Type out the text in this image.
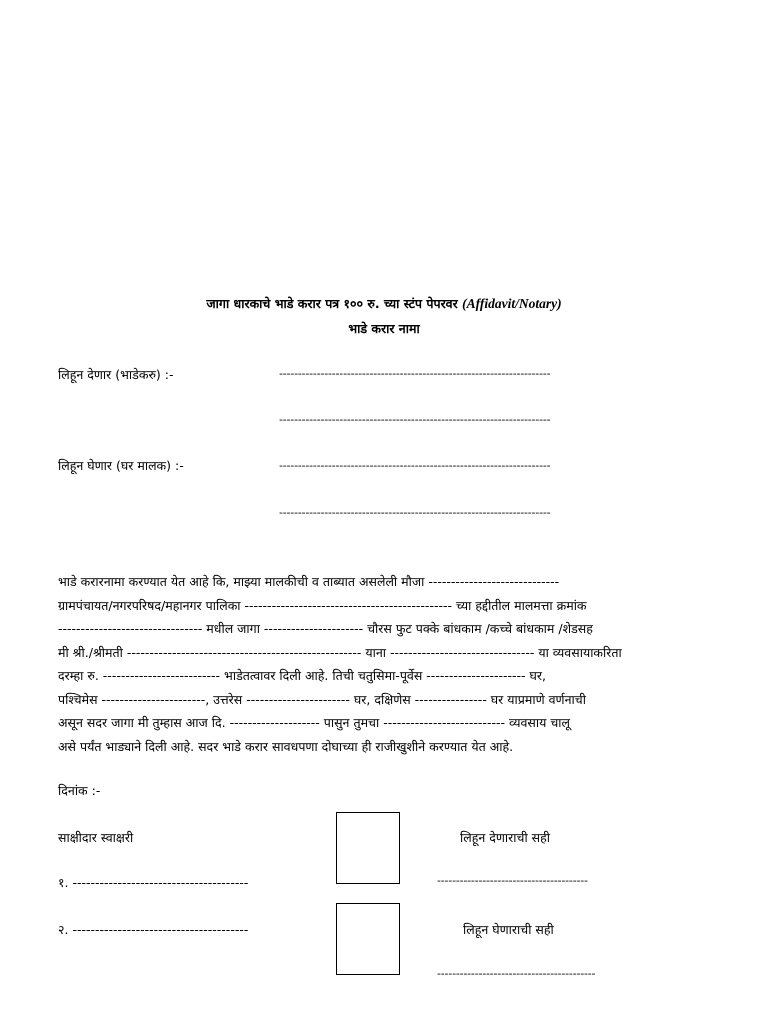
जागा धारकाचे भाडे करार पत्र १०० रु. च्या स्टंप पेपरवर (Affidavit/Notary)
भाडे करार नामा
लिहून देणार (भाडेकरु) :-	------------------------------------------------------------------------
------------------------------------------------------------------------
लिहून घेणार (घर मालक) :-	------------------------------------------------------------------------
------------------------------------------------------------------------
भाडे करारनामा करण्यात येत आहे कि, माझ्या मालकीची व ताब्यात असलेली मौजा -----------------------------
ग्रामपंचायत/नगरपरिषद/महानगर पालिका ---------------------------------------------- च्या हद्दीतील मालमत्ता क्रमांक
-------------------------------- मधील जागा ---------------------- चौरस फुट पक्के बांधकाम /कच्चे बांधकाम /शेडसह
मी श्री./श्रीमती ---------------------------------------------------- याना -------------------------------- या व्यवसायाकरिता
दरम्हा रु. -------------------------- भाडेतत्वावर दिली आहे. तिची चतुसिमा-पूर्वेस ---------------------- घर,
पश्चिमेस -----------------------, उत्तरेस ----------------------- घर, दक्षिणेस ---------------- घर याप्रमाणे वर्णनाची
असून सदर जागा मी तुम्हास आज दि. -------------------- पासुन तुमचा --------------------------- व्यवसाय चालू
असे पर्यंत भाड्याने दिली आहे. सदर भाडे करार सावधपणा दोघाच्या ही राजीखुशीने करण्यात येत आहे.
दिनांक :-
साक्षीदार स्वाक्षरी
१. ---------------------------------------
२. ---------------------------------------
लिहून देणाराची सही
----------------------------------------
लिहून घेणाराची सही
------------------------------------------
